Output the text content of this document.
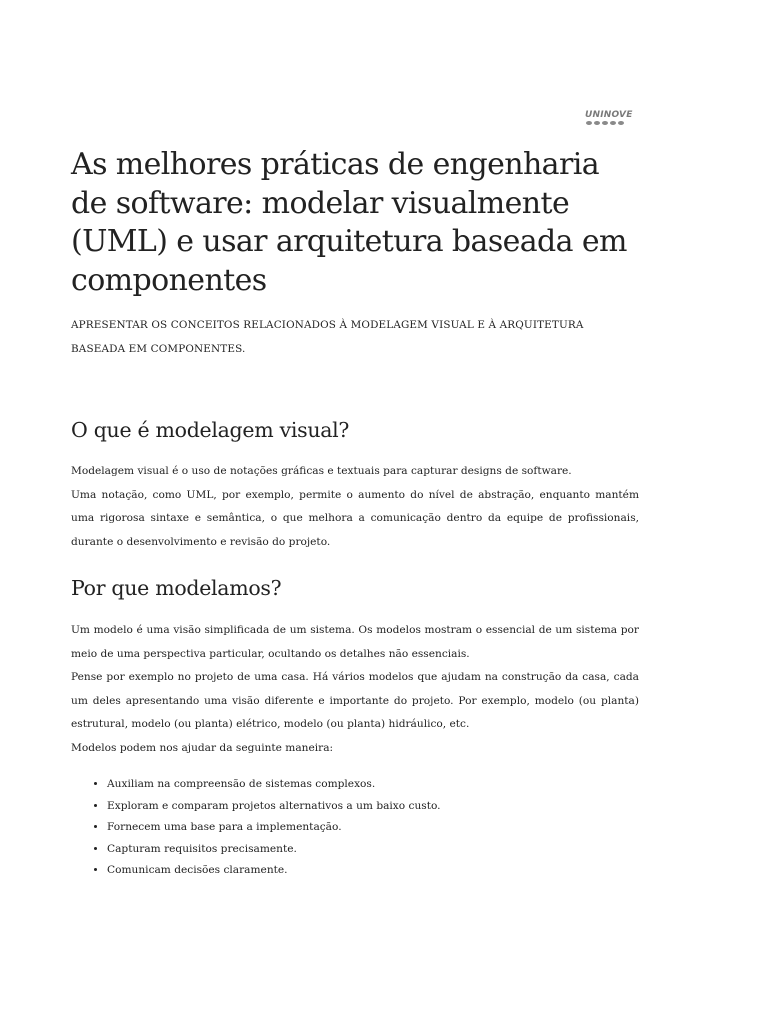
UNINOVE
As melhores práticas de engenharia de software: modelar visualmente (UML) e usar arquitetura baseada em componentes

APRESENTAR OS CONCEITOS RELACIONADOS À MODELAGEM VISUAL E À ARQUITETURA BASEADA EM COMPONENTES.

O que é modelagem visual?

Modelagem visual é o uso de notações gráficas e textuais para capturar designs de software.

Uma notação, como UML, por exemplo, permite o aumento do nível de abstração, enquanto mantém uma rigorosa sintaxe e semântica, o que melhora a comunicação dentro da equipe de profissionais, durante o desenvolvimento e revisão do projeto.

Por que modelamos?

Um modelo é uma visão simplificada de um sistema. Os modelos mostram o essencial de um sistema por meio de uma perspectiva particular, ocultando os detalhes não essenciais.

Pense por exemplo no projeto de uma casa. Há vários modelos que ajudam na construção da casa, cada um deles apresentando uma visão diferente e importante do projeto. Por exemplo, modelo (ou planta) estrutural, modelo (ou planta) elétrico, modelo (ou planta) hidráulico, etc.

Modelos podem nos ajudar da seguinte maneira:

• Auxiliam na compreensão de sistemas complexos.
• Exploram e comparam projetos alternativos a um baixo custo.
• Fornecem uma base para a implementação.
• Capturam requisitos precisamente.
• Comunicam decisões claramente.
